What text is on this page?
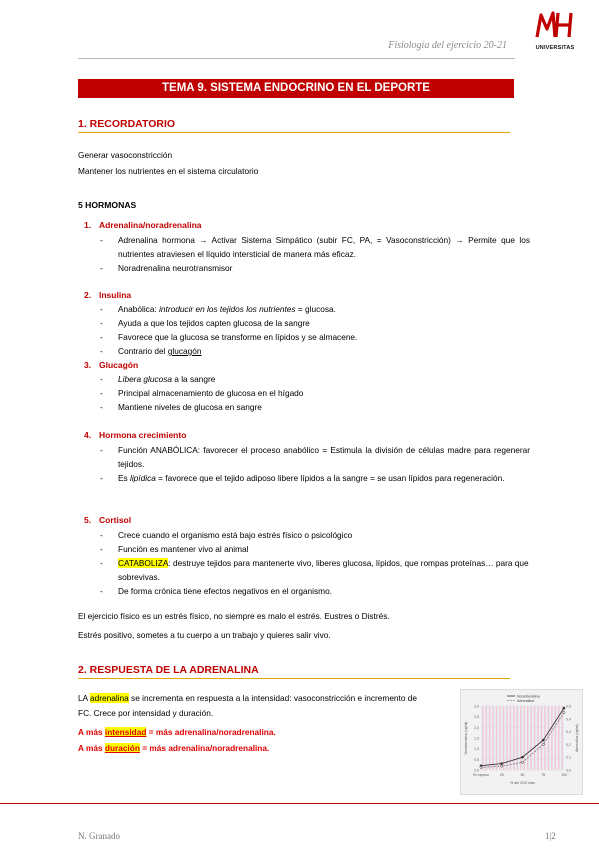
Fisiología del ejercicio 20-21	UNIVERSITAS
TEMA 9. SISTEMA ENDOCRINO EN EL DEPORTE
1. RECORDATORIO
Generar vasoconstricción
Mantener los nutrientes en el sistema circulatorio
5 HORMONAS
1. Adrenalina/noradrenalina
- Adrenalina hormona → Activar Sistema Simpático (subir FC, PA, = Vasoconstricción) → Permite que los nutrientes atraviesen el líquido intersticial de manera más eficaz.
- Noradrenalina neurotransmisor
2. Insulina
- Anabólica: introducir en los tejidos los nutrientes = glucosa.
- Ayuda a que los tejidos capten glucosa de la sangre
- Favorece que la glucosa se transforme en lípidos y se almacene.
- Contrario del glucagón
3. Glucagón
- Libera glucosa a la sangre
- Principal almacenamiento de glucosa en el hígado
- Mantiene niveles de glucosa en sangre
4. Hormona crecimiento
- Función ANABÓLICA: favorecer el proceso anabólico = Estimula la división de células madre para regenerar tejidos.
- Es lipídica = favorece que el tejido adiposo libere lípidos a la sangre = se usan lípidos para regeneración.
5. Cortisol
- Crece cuando el organismo está bajo estrés físico o psicológico
- Función es mantener vivo al animal
- CATABOLIZA: destruye tejidos para mantenerte vivo, liberes glucosa, lípidos, que rompas proteínas… para que sobrevivas.
- De forma crónica tiene efectos negativos en el organismo.
El ejercicio físico es un estrés físico, no siempre es malo el estrés. Eustres o Distrés.
Estrés positivo, sometes a tu cuerpo a un trabajo y quieres salir vivo.
2. RESPUESTA DE LA ADRENALINA
LA adrenalina se incrementa en respuesta a la intensidad: vasoconstricción e incremento de
FC. Crece por intensidad y duración.
A más intensidad = más adrenalina/noradrenalina.
A más duración = más adrenalina/noradrenalina.
0,0
0,5
1,0
1,5
2,0
2,5
3,0
0,0
0,1
0,2
0,3
0,4
0,5
En reposo	25	50	75	100
% del VO2 máx
Noradrenalina (ng/ml)	Adrenalina (ng/ml)
Noradrenalina
Adrenalina
N. Granado	1|2
